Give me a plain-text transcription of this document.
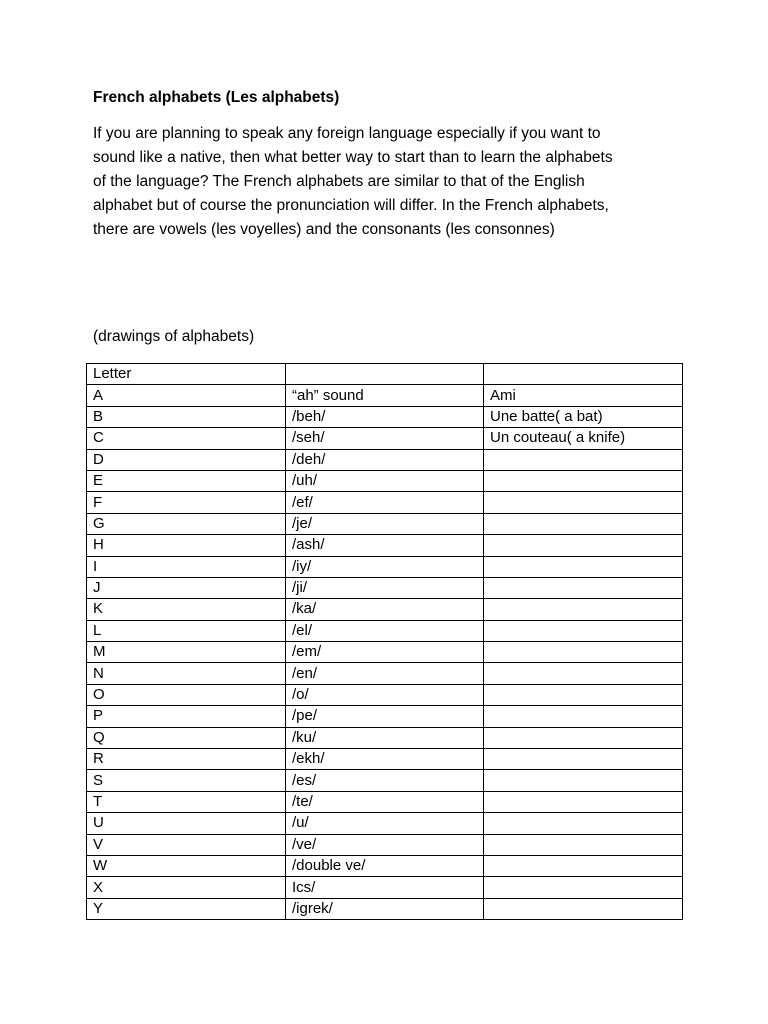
French alphabets (Les alphabets)

If you are planning to speak any foreign language especially if you want to
sound like a native, then what better way to start than to learn the alphabets
of the language? The French alphabets are similar to that of the English
alphabet but of course the pronunciation will differ. In the French alphabets,
there are vowels (les voyelles) and the consonants (les consonnes)

(drawings of alphabets)
Letter		
A	“ah” sound	Ami
B	/beh/	Une batte( a bat)
C	/seh/	Un couteau( a knife)
D	/deh/	
E	/uh/	
F	/ef/	
G	/je/	
H	/ash/	
I	/iy/	
J	/ji/	
K	/ka/	
L	/el/	
M	/em/	
N	/en/	
O	/o/	
P	/pe/	
Q	/ku/	
R	/ekh/	
S	/es/	
T	/te/	
U	/u/	
V	/ve/	
W	/double ve/	
X	Ics/	
Y	/igrek/	
